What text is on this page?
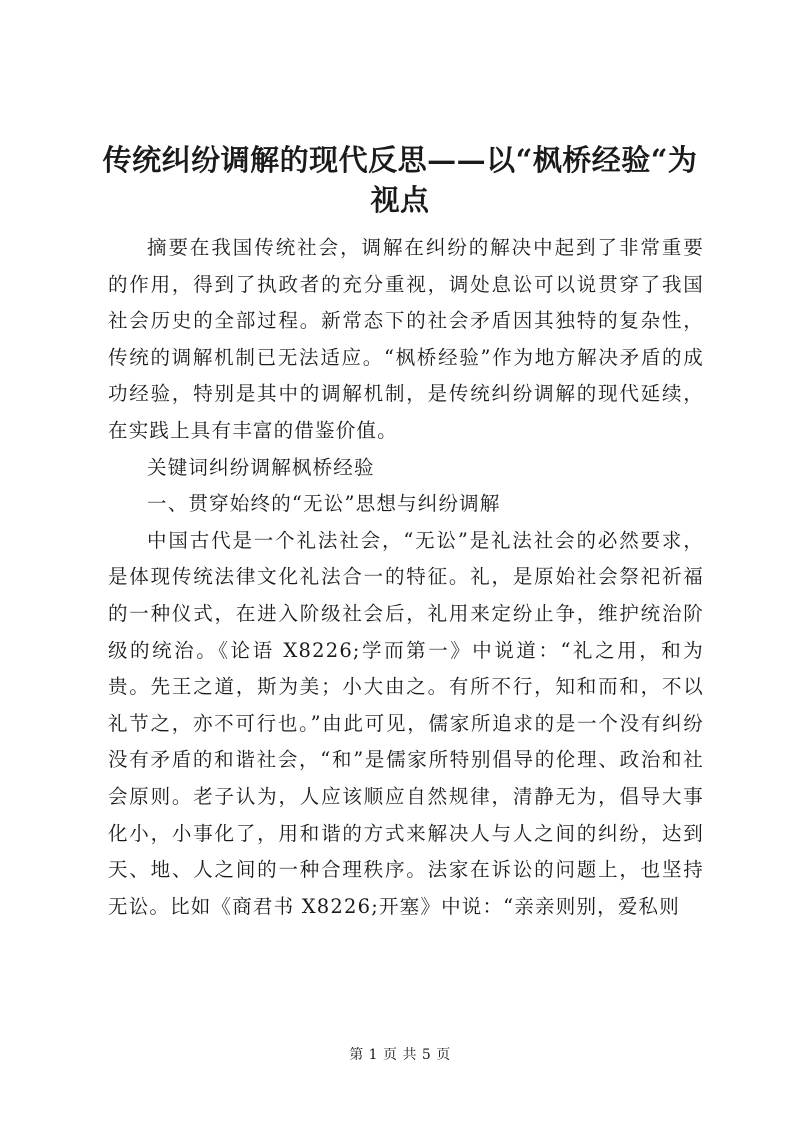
传统纠纷调解的现代反思——以“枫桥经验“为视点

摘要在我国传统社会，调解在纠纷的解决中起到了非常重要的作用，得到了执政者的充分重视，调处息讼可以说贯穿了我国社会历史的全部过程。新常态下的社会矛盾因其独特的复杂性，传统的调解机制已无法适应。“枫桥经验”作为地方解决矛盾的成功经验，特别是其中的调解机制，是传统纠纷调解的现代延续，在实践上具有丰富的借鉴价值。

关键词纠纷调解枫桥经验

一、贯穿始终的“无讼”思想与纠纷调解

中国古代是一个礼法社会，“无讼”是礼法社会的必然要求，是体现传统法律文化礼法合一的特征。礼，是原始社会祭祀祈福的一种仪式，在进入阶级社会后，礼用来定纷止争，维护统治阶级的统治。《论语 X8226;学而第一》中说道：“礼之用，和为贵。先王之道，斯为美；小大由之。有所不行，知和而和，不以礼节之，亦不可行也。”由此可见，儒家所追求的是一个没有纠纷没有矛盾的和谐社会，“和”是儒家所特别倡导的伦理、政治和社会原则。老子认为，人应该顺应自然规律，清静无为，倡导大事化小，小事化了，用和谐的方式来解决人与人之间的纠纷，达到天、地、人之间的一种合理秩序。法家在诉讼的问题上，也坚持无讼。比如《商君书 X8226;开塞》中说：“亲亲则别，爱私则

第 1 页 共 5 页
